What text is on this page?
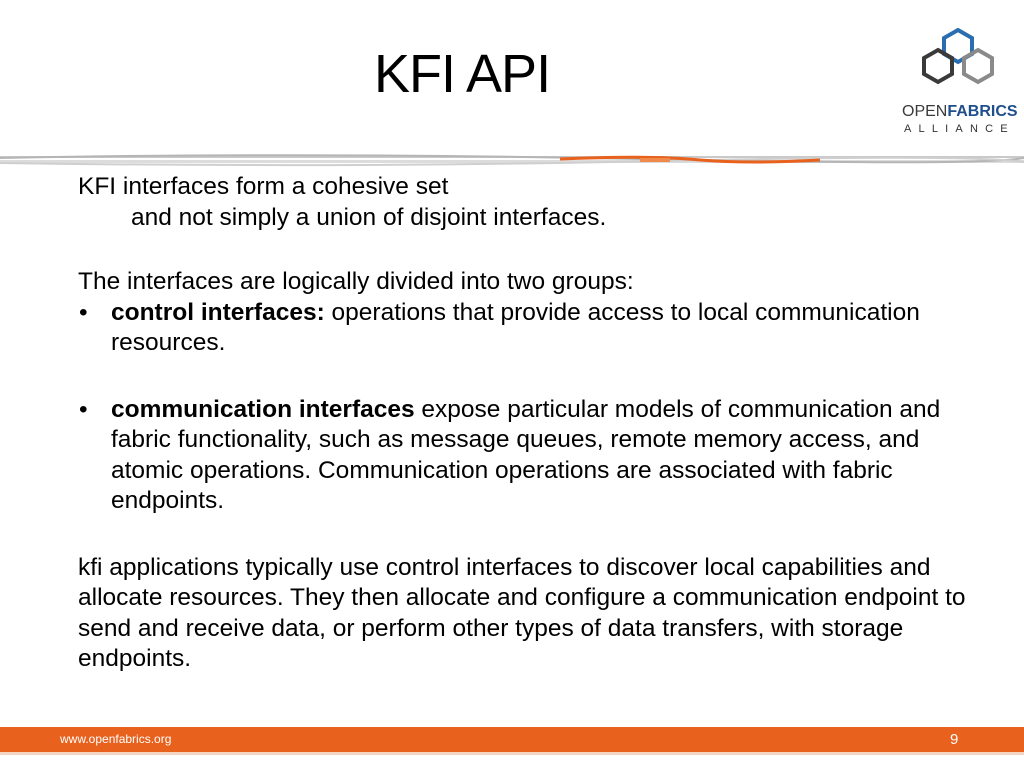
KFI API
OPENFABRICS
ALLIANCE

KFI interfaces form a cohesive set

and not simply a union of disjoint interfaces.

The interfaces are logically divided into two groups:

• control interfaces: operations that provide access to local communication resources.
• communication interfaces expose particular models of communication and fabric functionality, such as message queues, remote memory access, and atomic operations. Communication operations are associated with fabric endpoints.

kfi applications typically use control interfaces to discover local capabilities and allocate resources. They then allocate and configure a communication endpoint to send and receive data, or perform other types of data transfers, with storage endpoints.

www.openfabrics.org	9
